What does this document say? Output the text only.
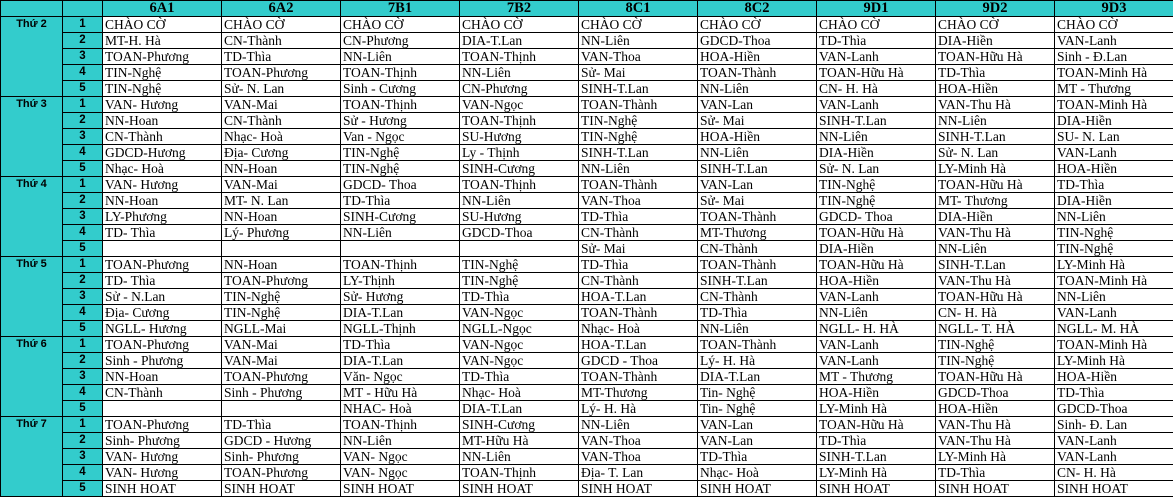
		6A1	6A2	7B1	7B2	8C1	8C2	9D1	9D2	9D3
Thứ 2	1	CHÀO CỜ	CHÀO CỜ	CHÀO CỜ	CHÀO CỜ	CHÀO CỜ	CHÀO CỜ	CHÀO CỜ	CHÀO CỜ	CHÀO CỜ
	2	MT-H. Hà	CN-Thành	CN-Phương	DIA-T.Lan	NN-Liên	GDCD-Thoa	TD-Thìa	DIA-Hiền	VAN-Lanh
	3	TOAN-Phương	TD-Thìa	NN-Liên	TOAN-Thịnh	VAN-Thoa	HOA-Hiền	VAN-Lanh	TOAN-Hữu Hà	Sinh - Đ.Lan
	4	TIN-Nghệ	TOAN-Phương	TOAN-Thịnh	NN-Liên	Sử- Mai	TOAN-Thành	TOAN-Hữu Hà	TD-Thìa	TOAN-Minh Hà
	5	TIN-Nghệ	Sử- N. Lan	Sinh - Cương	CN-Phương	SINH-T.Lan	NN-Liên	CN- H. Hà	HOA-Hiền	MT - Thương
Thứ 3	1	VAN- Hương	VAN-Mai	TOAN-Thịnh	VAN-Ngọc	TOAN-Thành	VAN-Lan	VAN-Lanh	VAN-Thu Hà	TOAN-Minh Hà
	2	NN-Hoan	CN-Thành	Sử - Hương	TOAN-Thịnh	TIN-Nghệ	Sử- Mai	SINH-T.Lan	NN-Liên	DIA-Hiền
	3	CN-Thành	Nhạc- Hoà	Van - Ngọc	SU-Hương	TIN-Nghệ	HOA-Hiền	NN-Liên	SINH-T.Lan	SU- N. Lan
	4	GDCD-Hương	Địa- Cương	TIN-Nghệ	Ly - Thịnh	SINH-T.Lan	NN-Liên	DIA-Hiền	Sử- N. Lan	VAN-Lanh
	5	Nhạc- Hoà	NN-Hoan	TIN-Nghệ	SINH-Cương	NN-Liên	SINH-T.Lan	Sử- N. Lan	LY-Minh Hà	HOA-Hiền
Thứ 4	1	VAN- Hương	VAN-Mai	GDCD- Thoa	TOAN-Thịnh	TOAN-Thành	VAN-Lan	TIN-Nghệ	TOAN-Hữu Hà	TD-Thìa
	2	NN-Hoan	MT- N. Lan	TD-Thìa	NN-Liên	VAN-Thoa	Sử- Mai	TIN-Nghệ	MT- Thương	DIA-Hiền
	3	LY-Phương	NN-Hoan	SINH-Cương	SU-Hương	TD-Thìa	TOAN-Thành	GDCD- Thoa	DIA-Hiền	NN-Liên
	4	TD- Thìa	Lý- Phương	NN-Liên	GDCD-Thoa	CN-Thành	MT-Thương	TOAN-Hữu Hà	VAN-Thu Hà	TIN-Nghệ
	5					Sử- Mai	CN-Thành	DIA-Hiền	NN-Liên	TIN-Nghệ
Thứ 5	1	TOAN-Phương	NN-Hoan	TOAN-Thịnh	TIN-Nghệ	TD-Thìa	TOAN-Thành	TOAN-Hữu Hà	SINH-T.Lan	LY-Minh Hà
	2	TD- Thìa	TOAN-Phương	LY-Thịnh	TIN-Nghệ	CN-Thành	SINH-T.Lan	HOA-Hiền	VAN-Thu Hà	TOAN-Minh Hà
	3	Sử - N.Lan	TIN-Nghệ	Sử- Hương	TD-Thìa	HOA-T.Lan	CN-Thành	VAN-Lanh	TOAN-Hữu Hà	NN-Liên
	4	Địa- Cương	TIN-Nghệ	DIA-T.Lan	VAN-Ngọc	TOAN-Thành	TD-Thìa	NN-Liên	CN- H. Hà	VAN-Lanh
	5	NGLL- Hương	NGLL-Mai	NGLL-Thịnh	NGLL-Ngọc	Nhạc- Hoà	NN-Liên	NGLL- H. HÀ	NGLL- T. HÀ	NGLL- M. HÀ
Thứ 6	1	TOAN-Phương	VAN-Mai	TD-Thìa	VAN-Ngọc	HOA-T.Lan	TOAN-Thành	VAN-Lanh	TIN-Nghệ	TOAN-Minh Hà
	2	Sinh - Phương	VAN-Mai	DIA-T.Lan	VAN-Ngọc	GDCD - Thoa	Lý- H. Hà	VAN-Lanh	TIN-Nghệ	LY-Minh Hà
	3	NN-Hoan	TOAN-Phương	Văn- Ngọc	TD-Thìa	TOAN-Thành	DIA-T.Lan	MT - Thương	TOAN-Hữu Hà	HOA-Hiền
	4	CN-Thành	Sinh - Phương	MT - Hữu Hà	Nhạc- Hoà	MT-Thương	Tin- Nghệ	HOA-Hiền	GDCD-Thoa	TD-Thìa
	5			NHAC- Hoà	DIA-T.Lan	Lý- H. Hà	Tin- Nghệ	LY-Minh Hà	HOA-Hiền	GDCD-Thoa
Thứ 7	1	TOAN-Phương	TD-Thìa	TOAN-Thịnh	SINH-Cương	NN-Liên	VAN-Lan	TOAN-Hữu Hà	VAN-Thu Hà	Sinh- Đ. Lan
	2	Sinh- Phương	GDCD - Hương	NN-Liên	MT-Hữu Hà	VAN-Thoa	VAN-Lan	TD-Thìa	VAN-Thu Hà	VAN-Lanh
	3	VAN- Hương	Sinh- Phương	VAN- Ngọc	NN-Liên	VAN-Thoa	TD-Thìa	SINH-T.Lan	LY-Minh Hà	VAN-Lanh
	4	VAN- Hương	TOAN-Phương	VAN- Ngọc	TOAN-Thịnh	Địa- T. Lan	Nhạc- Hoà	LY-Minh Hà	TD-Thìa	CN- H. Hà
	5	SINH HOAT	SINH HOAT	SINH HOAT	SINH HOAT	SINH HOAT	SINH HOAT	SINH HOAT	SINH HOAT	SINH HOAT
